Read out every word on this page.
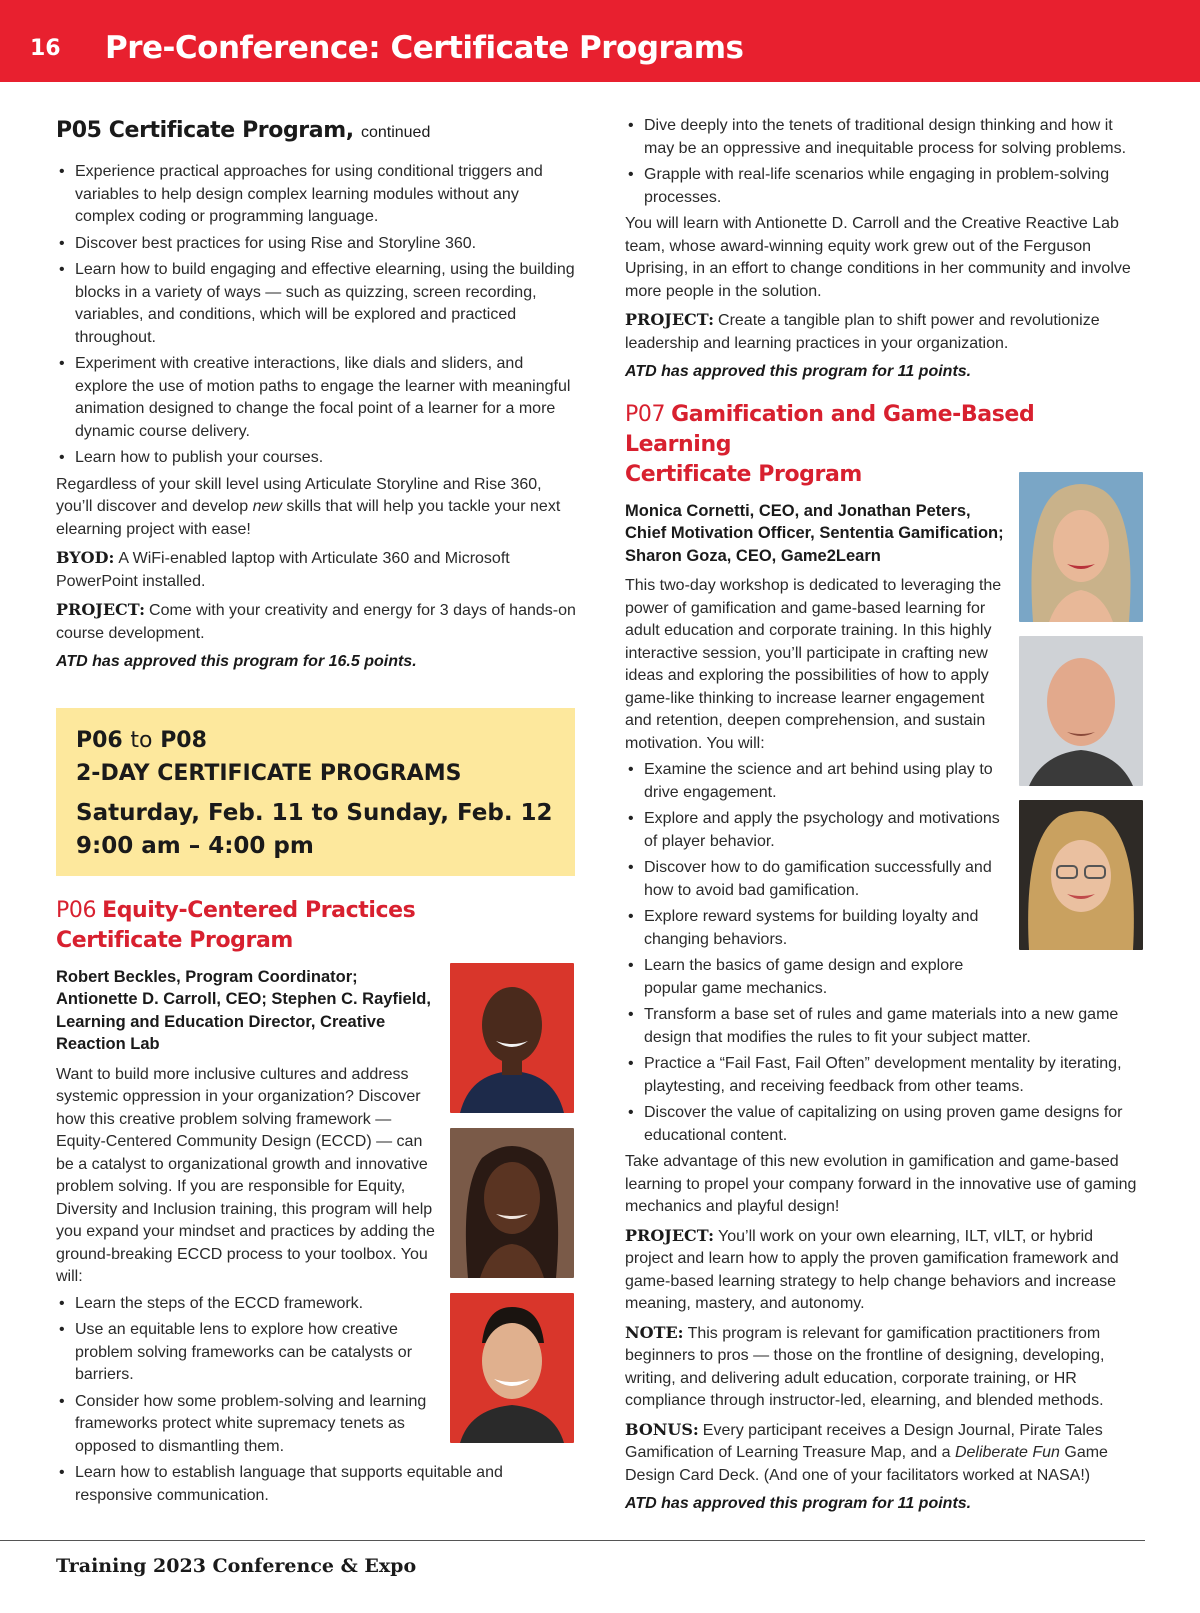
16 Pre-Conference: Certificate Programs
P05 Certificate Program, continued
• Experience practical approaches for using conditional triggers and variables to help design complex learning modules without any complex coding or programming language.
• Discover best practices for using Rise and Storyline 360.
• Learn how to build engaging and effective elearning, using the building blocks in a variety of ways — such as quizzing, screen recording, variables, and conditions, which will be explored and practiced throughout.
• Experiment with creative interactions, like dials and sliders, and explore the use of motion paths to engage the learner with meaningful animation designed to change the focal point of a learner for a more dynamic course delivery.
• Learn how to publish your courses.

Regardless of your skill level using Articulate Storyline and Rise 360, you’ll discover and develop new skills that will help you tackle your next elearning project with ease!

BYOD: A WiFi-enabled laptop with Articulate 360 and Microsoft PowerPoint installed.

PROJECT: Come with your creativity and energy for 3 days of hands-on course development.

ATD has approved this program for 16.5 points.

P06 to P08
2-DAY CERTIFICATE PROGRAMS
Saturday, Feb. 11 to Sunday, Feb. 12
9:00 am – 4:00 pm
P06 Equity-Centered Practices
Certificate Program

Robert Beckles, Program Coordinator; Antionette D. Carroll, CEO; Stephen C. Rayfield, Learning and Education Director, Creative Reaction Lab

Want to build more inclusive cultures and address systemic oppression in your organization? Discover how this creative problem solving framework — Equity-Centered Community Design (ECCD) — can be a catalyst to organizational growth and innovative problem solving. If you are responsible for Equity, Diversity and Inclusion training, this program will help you expand your mindset and practices by adding the ground-breaking ECCD process to your toolbox. You will:

• Learn the steps of the ECCD framework.
• Use an equitable lens to explore how creative problem solving frameworks can be catalysts or barriers.
• Consider how some problem-solving and learning frameworks protect white supremacy tenets as opposed to dismantling them.
• Learn how to establish language that supports equitable and responsive communication.
• Dive deeply into the tenets of traditional design thinking and how it may be an oppressive and inequitable process for solving problems.
• Grapple with real-life scenarios while engaging in problem-solving processes.

You will learn with Antionette D. Carroll and the Creative Reactive Lab team, whose award-winning equity work grew out of the Ferguson Uprising, in an effort to change conditions in her community and involve more people in the solution.

PROJECT: Create a tangible plan to shift power and revolutionize leadership and learning practices in your organization.

ATD has approved this program for 11 points.

P07 Gamification and Game-Based Learning
Certificate Program

Monica Cornetti, CEO, and Jonathan Peters, Chief Motivation Officer, Sententia Gamification; Sharon Goza, CEO, Game2Learn

This two-day workshop is dedicated to leveraging the power of gamification and game-based learning for adult education and corporate training. In this highly interactive session, you’ll participate in crafting new ideas and exploring the possibilities of how to apply game-like thinking to increase learner engagement and retention, deepen comprehension, and sustain motivation. You will:

• Examine the science and art behind using play to drive engagement.
• Explore and apply the psychology and motivations of player behavior.
• Discover how to do gamification successfully and how to avoid bad gamification.
• Explore reward systems for building loyalty and changing behaviors.
• Learn the basics of game design and explore popular game mechanics.
• Transform a base set of rules and game materials into a new game design that modifies the rules to fit your subject matter.
• Practice a “Fail Fast, Fail Often” development mentality by iterating, playtesting, and receiving feedback from other teams.
• Discover the value of capitalizing on using proven game designs for educational content.

Take advantage of this new evolution in gamification and game-based learning to propel your company forward in the innovative use of gaming mechanics and playful design!

PROJECT: You’ll work on your own elearning, ILT, vILT, or hybrid project and learn how to apply the proven gamification framework and game-based learning strategy to help change behaviors and increase meaning, mastery, and autonomy.

NOTE: This program is relevant for gamification practitioners from beginners to pros — those on the frontline of designing, developing, writing, and delivering adult education, corporate training, or HR compliance through instructor-led, elearning, and blended methods.

BONUS: Every participant receives a Design Journal, Pirate Tales Gamification of Learning Treasure Map, and a Deliberate Fun Game Design Card Deck. (And one of your facilitators worked at NASA!)

ATD has approved this program for 11 points.

Training 2023 Conference & Expo
